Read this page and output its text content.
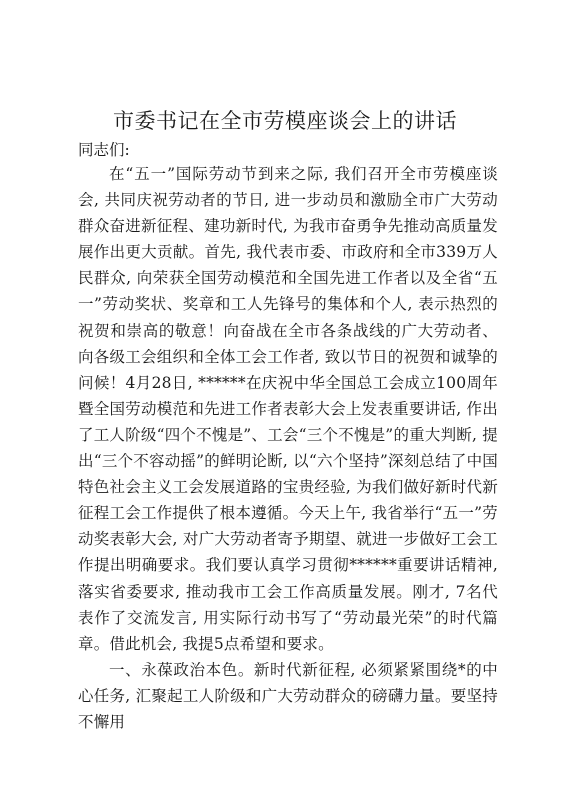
市委书记在全市劳模座谈会上的讲话
同志们:

在“五一”国际劳动节到来之际, 我们召开全市劳模座谈会, 共同庆祝劳动者的节日, 进一步动员和激励全市广大劳动群众奋进新征程、建功新时代, 为我市奋勇争先推动高质量发展作出更大贡献。首先, 我代表市委、市政府和全市339万人民群众, 向荣获全国劳动模范和全国先进工作者以及全省“五一”劳动奖状、奖章和工人先锋号的集体和个人, 表示热烈的祝贺和崇高的敬意！向奋战在全市各条战线的广大劳动者、向各级工会组织和全体工会工作者, 致以节日的祝贺和诚挚的问候！4月28日, ******在庆祝中华全国总工会成立100周年暨全国劳动模范和先进工作者表彰大会上发表重要讲话, 作出了工人阶级“四个不愧是”、工会“三个不愧是”的重大判断, 提出“三个不容动摇”的鲜明论断, 以“六个坚持”深刻总结了中国特色社会主义工会发展道路的宝贵经验, 为我们做好新时代新征程工会工作提供了根本遵循。今天上午, 我省举行“五一”劳动奖表彰大会, 对广大劳动者寄予期望、就进一步做好工会工作提出明确要求。我们要认真学习贯彻******重要讲话精神, 落实省委要求, 推动我市工会工作高质量发展。刚才, 7名代表作了交流发言, 用实际行动书写了“劳动最光荣”的时代篇章。借此机会, 我提5点希望和要求。

一、永葆政治本色。新时代新征程, 必须紧紧围绕*的中心任务, 汇聚起工人阶级和广大劳动群众的磅礴力量。要坚持不懈用
